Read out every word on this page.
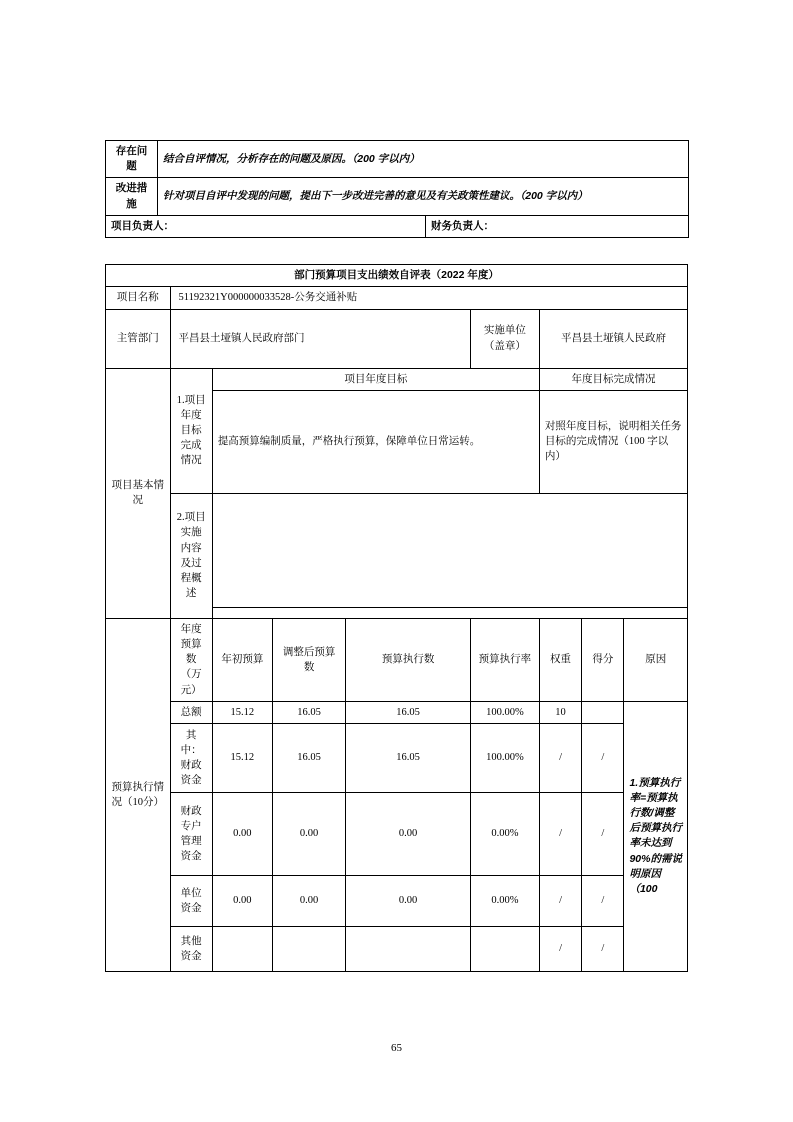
存在问题	结合自评情况，分析存在的问题及原因。（200 字以内）	
改进措施	针对项目自评中发现的问题，提出下一步改进完善的意见及有关政策性建议。（200 字以内）	
项目负责人：		财务负责人：
部门预算项目支出绩效自评表（2022 年度）								
项目名称	51192321Y000000033528-公务交通补贴							
主管部门	平昌县土垭镇人民政府部门				实施单位（盖章）	平昌县土垭镇人民政府		
项目基本情况	1.项目年度目标完成情况	项目年度目标				年度目标完成情况		
		提高预算编制质量，严格执行预算，保障单位日常运转。				对照年度目标，说明相关任务目标的完成情况（100 字以内）		
	2.项目实施内容及过程概述							

预算执行情况（10分）	年度预算数（万元）	年初预算	调整后预算数	预算执行数	预算执行率	权重	得分	原因
	总额	15.12	16.05	16.05	100.00%	10		1.预算执行率=预算执行数/调整后预算执行率未达到90%的需说明原因（100
	其中：财政资金	15.12	16.05	16.05	100.00%	/	/	
	财政专户管理资金	0.00	0.00	0.00	0.00%	/	/	
	单位资金	0.00	0.00	0.00	0.00%	/	/	
	其他资金					/	/	
65
